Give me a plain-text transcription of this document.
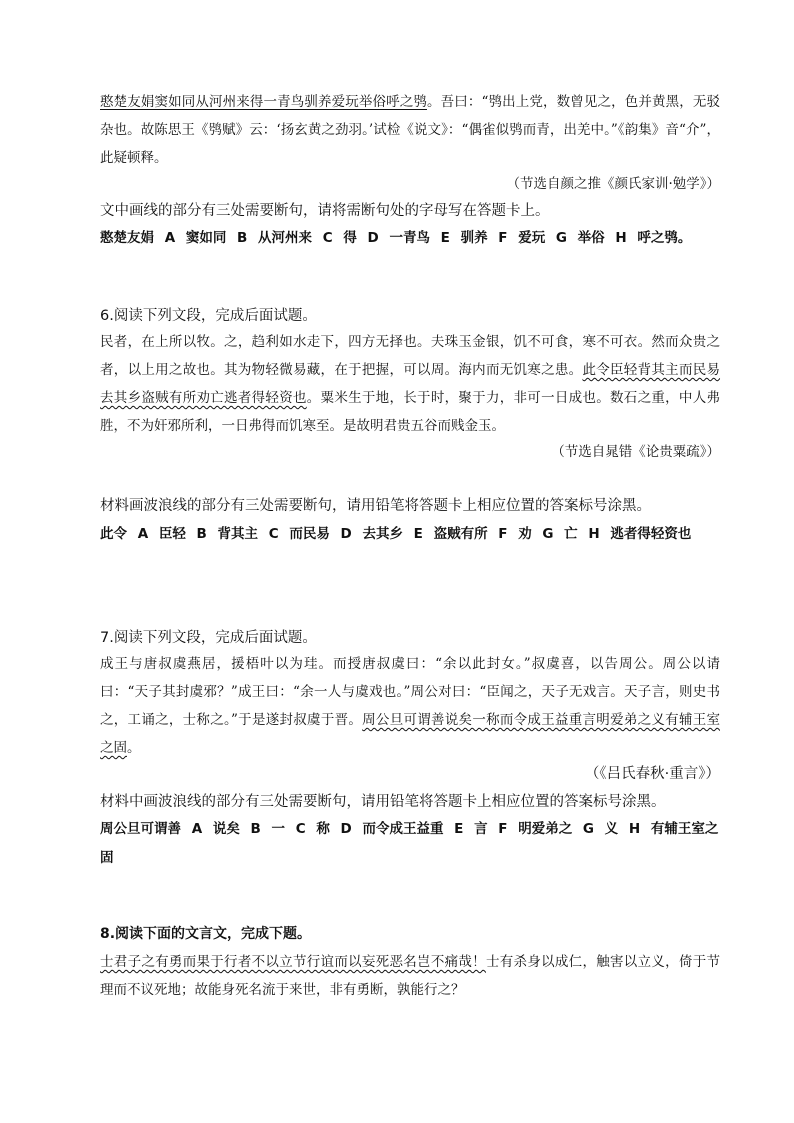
憨楚友娟窦如同从河州来得一青鸟驯养爱玩举俗呼之鸮。吾曰：“鸮出上党，数曾见之，色并黄黑，无驳杂也。故陈思王《鸮赋》云：‘扬玄黄之劲羽。’试检《说文》：“偶雀似鸮而青，出羌中。”《韵集》音“介”，此疑顿释。
（节选自颜之推《颜氏家训·勉学》）
文中画线的部分有三处需要断句，请将需断句处的字母写在答题卡上。
憨楚友娟 A 窦如同 B 从河州来 C 得 D 一青鸟 E 驯养 F 爱玩 G 举俗 H 呼之鸮。
6.阅读下列文段，完成后面试题。
民者，在上所以牧。之，趋利如水走下，四方无择也。夫珠玉金银，饥不可食，寒不可衣。然而众贵之者，以上用之故也。其为物轻微易藏，在于把握，可以周。海内而无饥寒之患。此令臣轻背其主而民易去其乡盗贼有所劝亡逃者得轻资也。粟米生于地，长于时，聚于力，非可一日成也。数石之重，中人弗胜，不为奸邪所利，一日弗得而饥寒至。是故明君贵五谷而贱金玉。
（节选自晁错《论贵粟疏》）
材料画波浪线的部分有三处需要断句，请用铅笔将答题卡上相应位置的答案标号涂黑。
此令 A 臣轻 B 背其主 C 而民易 D 去其乡 E 盗贼有所 F 劝 G 亡 H 逃者得轻资也
7.阅读下列文段，完成后面试题。
成王与唐叔虞燕居，援梧叶以为珪。而授唐叔虞曰：“余以此封女。”叔虞喜，以告周公。周公以请曰：“天子其封虞邪？”成王曰：“余一人与虞戏也。”周公对曰：“臣闻之，天子无戏言。天子言，则史书之，工诵之，士称之。”于是遂封叔虞于晋。周公旦可谓善说矣一称而令成王益重言明爱弟之义有辅王室之固。
（《吕氏春秋·重言》）
材料中画波浪线的部分有三处需要断句，请用铅笔将答题卡上相应位置的答案标号涂黑。
周公旦可谓善 A 说矣 B 一 C 称 D 而令成王益重 E 言 F 明爱弟之 G 义 H 有辅王室之固
8.阅读下面的文言文，完成下题。
士君子之有勇而果于行者不以立节行谊而以妄死恶名岂不痛哉！士有杀身以成仁，触害以立义，倚于节理而不议死地；故能身死名流于来世，非有勇断，孰能行之？
